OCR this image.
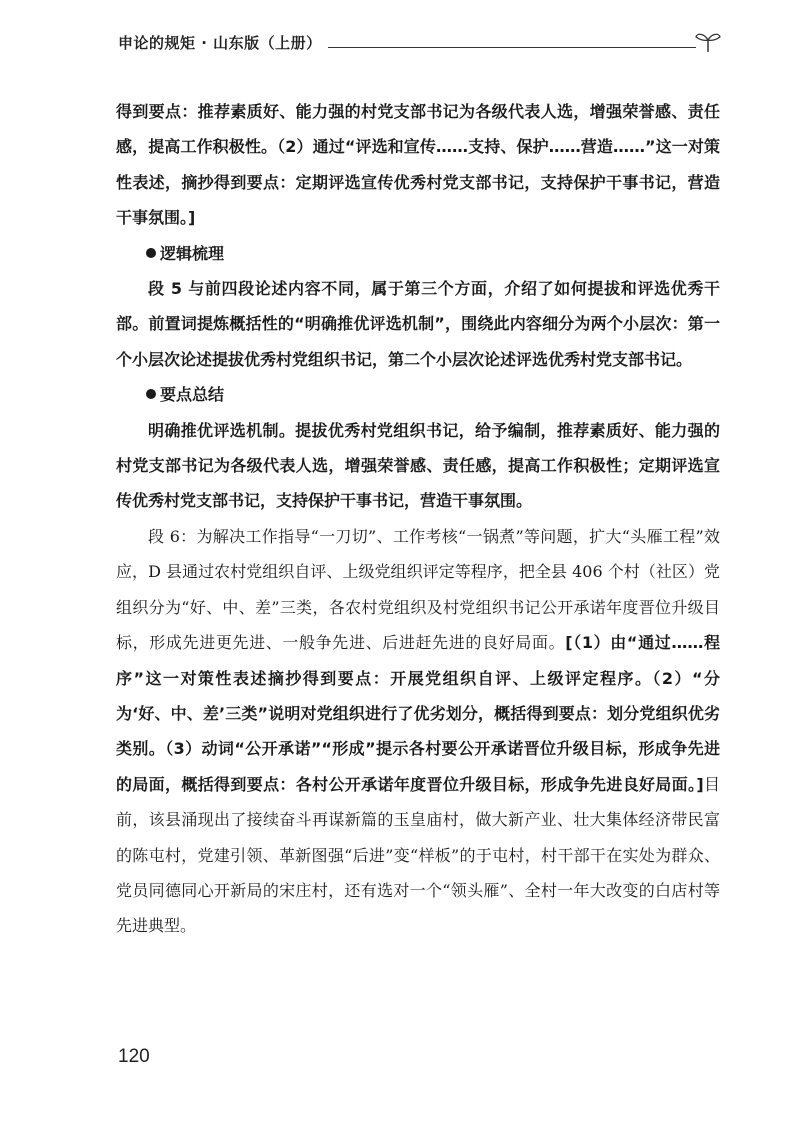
申论的规矩 · 山东版（上册）

得到要点：推荐素质好、能力强的村党支部书记为各级代表人选，增强荣誉感、责任感，提高工作积极性。（2）通过“评选和宣传……支持、保护……营造……”这一对策性表述，摘抄得到要点：定期评选宣传优秀村党支部书记，支持保护干事书记，营造干事氛围。]

逻辑梳理

段 5 与前四段论述内容不同，属于第三个方面，介绍了如何提拔和评选优秀干部。前置词提炼概括性的“明确推优评选机制”，围绕此内容细分为两个小层次：第一个小层次论述提拔优秀村党组织书记，第二个小层次论述评选优秀村党支部书记。

要点总结

明确推优评选机制。提拔优秀村党组织书记，给予编制，推荐素质好、能力强的村党支部书记为各级代表人选，增强荣誉感、责任感，提高工作积极性；定期评选宣传优秀村党支部书记，支持保护干事书记，营造干事氛围。

段 6：为解决工作指导“一刀切”、工作考核“一锅煮”等问题，扩大“头雁工程”效应，D 县通过农村党组织自评、上级党组织评定等程序，把全县 406 个村（社区）党组织分为“好、中、差”三类，各农村党组织及村党组织书记公开承诺年度晋位升级目标，形成先进更先进、一般争先进、后进赶先进的良好局面。[（1）由“通过……程序”这一对策性表述摘抄得到要点：开展党组织自评、上级评定程序。（2）“分为‘好、中、差’三类”说明对党组织进行了优劣划分，概括得到要点：划分党组织优劣类别。（3）动词“公开承诺”“形成”提示各村要公开承诺晋位升级目标，形成争先进的局面，概括得到要点：各村公开承诺年度晋位升级目标，形成争先进良好局面。]目前，该县涌现出了接续奋斗再谋新篇的玉皇庙村，做大新产业、壮大集体经济带民富的陈屯村，党建引领、革新图强“后进”变“样板”的于屯村，村干部干在实处为群众、党员同德同心开新局的宋庄村，还有选对一个“领头雁”、全村一年大改变的白店村等先进典型。

120
